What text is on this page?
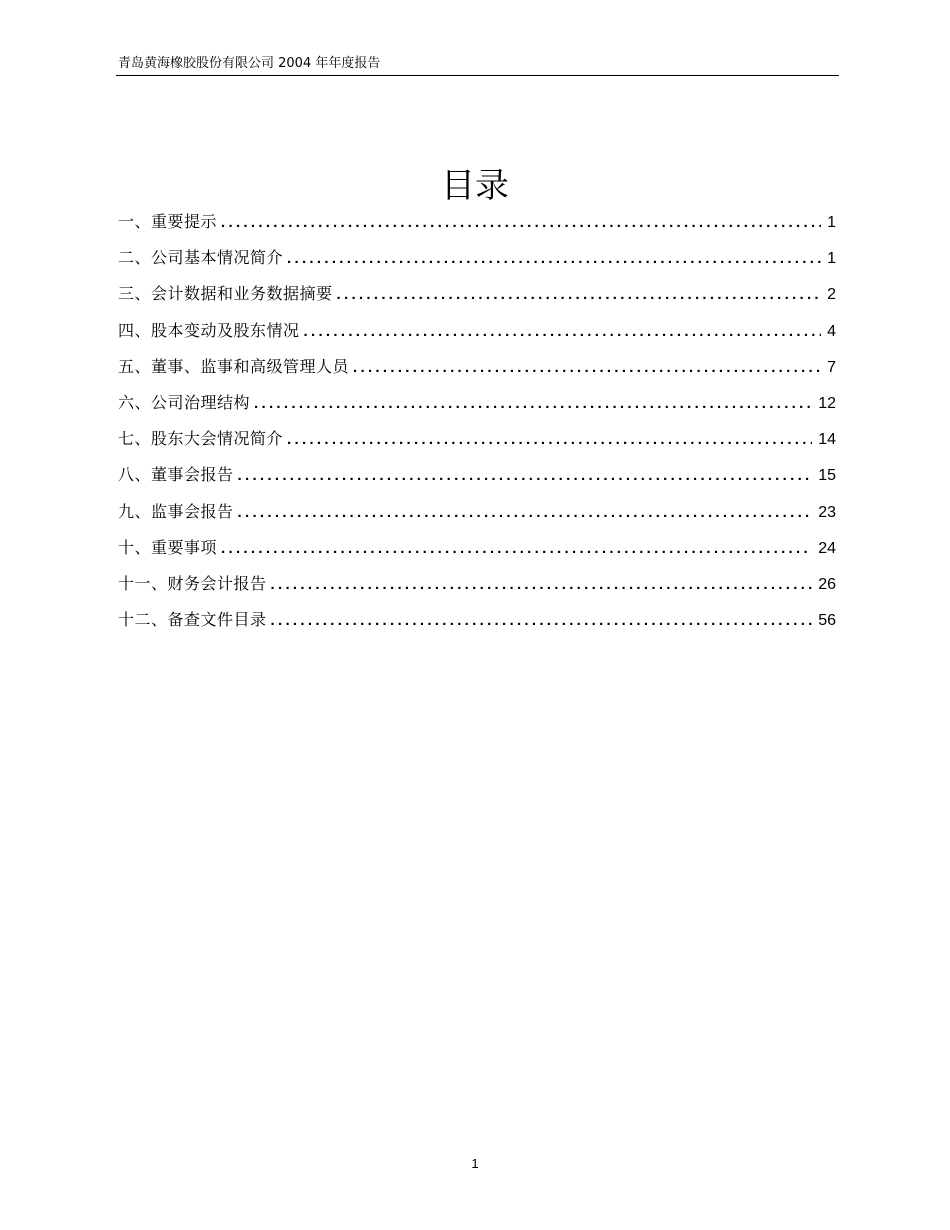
青岛黄海橡胶股份有限公司 2004 年年度报告
目录
一、重要提示 .....	1
二、公司基本情况简介 .....	1
三、会计数据和业务数据摘要 .....	2
四、股本变动及股东情况 .....	4
五、董事、监事和高级管理人员 .....	7
六、公司治理结构 .....	12
七、股东大会情况简介 .....	14
八、董事会报告 .....	15
九、监事会报告 .....	23
十、重要事项 .....	24
十一、财务会计报告 .....	26
十二、备查文件目录 .....	56
1
